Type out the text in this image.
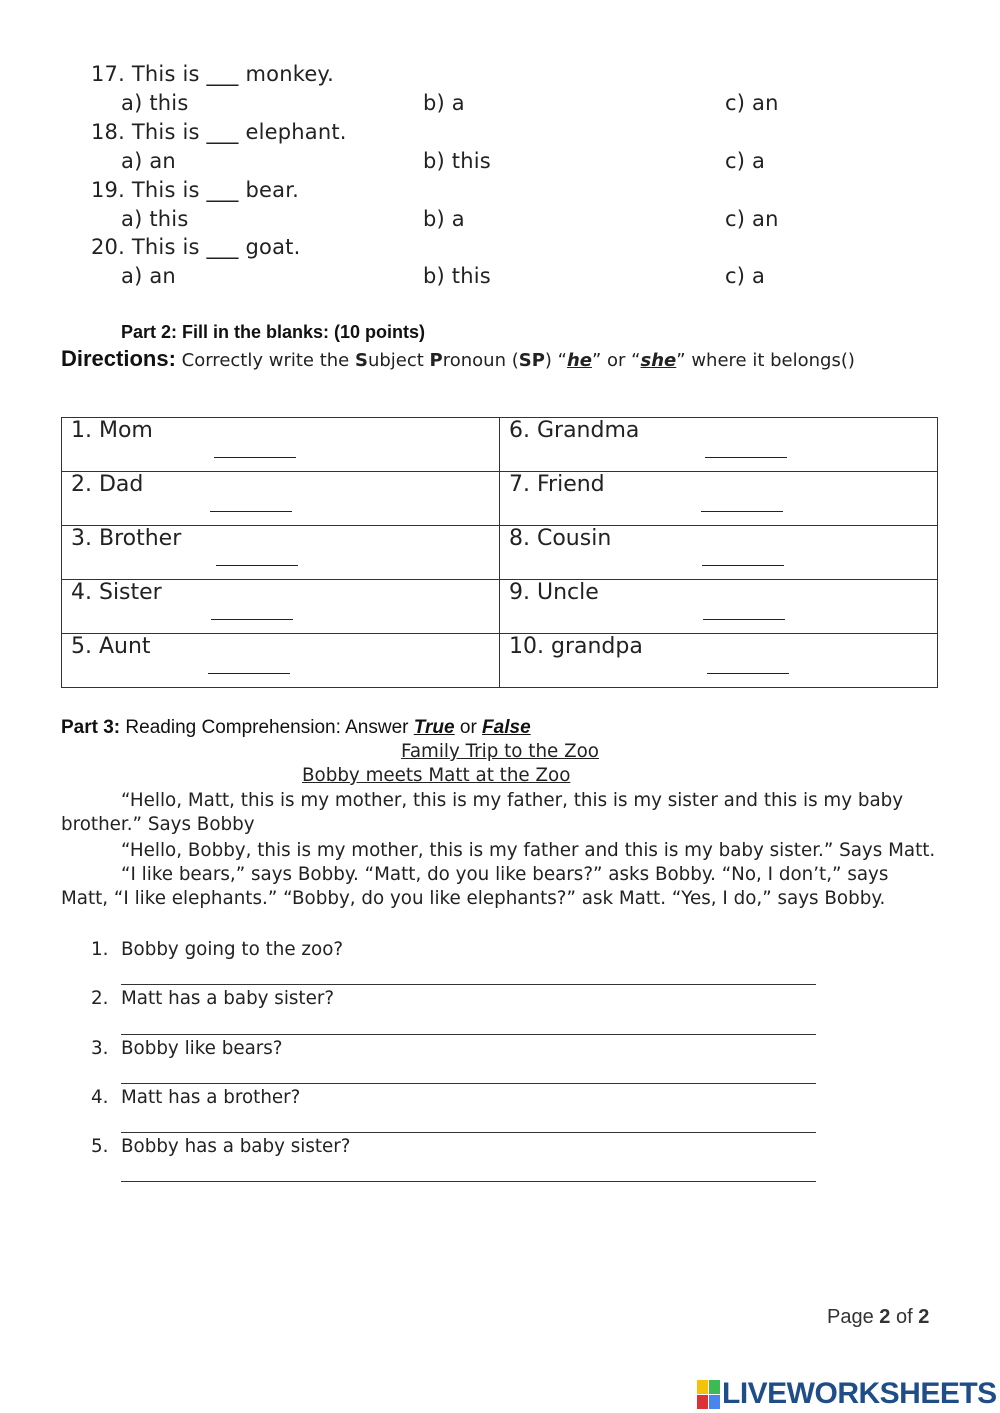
17. This is ___ monkey.
a) this	b) a	c) an
18. This is ___ elephant.
a) an	b) this	c) a
19. This is ___ bear.
a) this	b) a	c) an
20. This is ___ goat.
a) an	b) this	c) a
Part 2: Fill in the blanks: (10 points)
Directions: Correctly write the Subject Pronoun (SP) “he” or “she” where it belongs()
1. Mom	6. Grandma

2. Dad	7. Friend

3. Brother	8. Cousin

4. Sister	9. Uncle

5. Aunt	10. grandpa
Part 3: Reading Comprehension: Answer True or False
Family Trip to the Zoo
Bobby meets Matt at the Zoo
“Hello, Matt, this is my mother, this is my father, this is my sister and this is my baby
brother.” Says Bobby
“Hello, Bobby, this is my mother, this is my father and this is my baby sister.” Says Matt.
“I like bears,” says Bobby. “Matt, do you like bears?” asks Bobby. “No, I don’t,” says
Matt, “I like elephants.” “Bobby, do you like elephants?” ask Matt. “Yes, I do,” says Bobby.
1. Bobby going to the zoo?
2. Matt has a baby sister?
3. Bobby like bears?
4. Matt has a brother?
5. Bobby has a baby sister?
Page 2 of 2
LIVEWORKSHEETS
